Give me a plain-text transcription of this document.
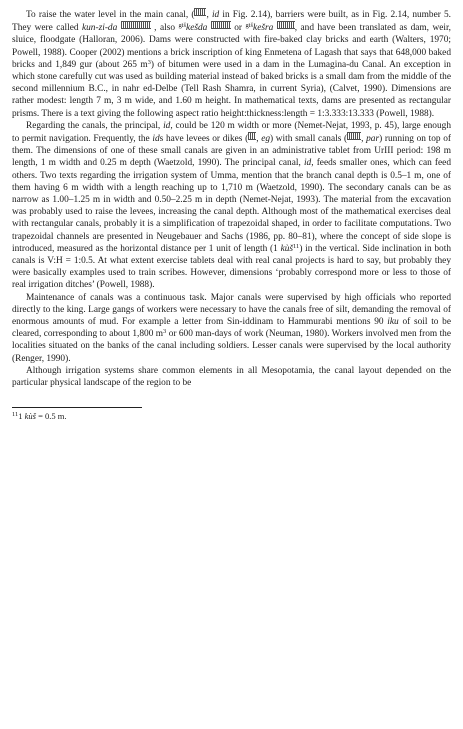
To raise the water level in the main canal, ( , id in Fig. 2.14), barriers were built, as in Fig. 2.14, number 5. They were called kun-zi-da	, also $^{giš}$kešda	or $^{giš}$kešra , and have been translated as dam, weir, sluice, floodgate (Halloran, 2006). Dams were constructed with fire-baked clay bricks and earth (Walters, 1970; Powell, 1988). Cooper (2002) mentions a brick inscription of king Enmetena of Lagash that says that 648,000 baked bricks and 1,849 gur (about 265 $m^3$) of bitumen were used in a dam in the Lumagina-du Canal. An exception in which stone carefully cut was used as building material instead of baked bricks is a small dam from the middle of the second millennium B.C., in nahr ed-Delbe (Tell Rash Shamra, in current Syria), (Calvet, 1990). Dimensions are rather modest: length 7 m, 3 m wide, and 1.60 m height. In mathematical texts, dams are presented as rectangular prisms. There is a text giving the following aspect ratio height:thickness:length = 1:3.333:13.333 (Powell, 1988).

Regarding the canals, the principal, id, could be 120 m width or more (Nemet-Nejat, 1993, p. 45), large enough to permit navigation. Frequently, the ids have levees or dikes ( , eg) with small canals ( , par) running on top of them. The dimensions of one of these small canals are given in an administrative tablet from UrIII period: 198 m length, 1 m width and 0.25 m depth (Waetzold, 1990). The principal canal, id, feeds smaller ones, which can feed others. Two texts regarding the irrigation system of Umma, mention that the branch canal depth is 0.5–1 m, one of them having 6 m width with a length reaching up to 1,710 m (Waetzold, 1990). The secondary canals can be as narrow as 1.00–1.25 m in width and 0.50–2.25 m in depth (Nemet-Nejat, 1993). The material from the excavation was probably used to raise the levees, increasing the canal depth. Although most of the mathematical exercises deal with rectangular canals, probably it is a simplification of trapezoidal shaped, in order to facilitate computations. Two trapezoidal channels are presented in Neugebauer and Sachs (1986, pp. 80–81), where the concept of side slope is introduced, measured as the horizontal distance per 1 unit of length (1 kùš$^{11}$) in the vertical. Side inclination in both canals is V:H = 1:0.5. At what extent exercise tablets deal with real canal projects is hard to say, but probably they were basically examples used to train scribes. However, dimensions ‘probably correspond more or less to those of real irrigation ditches’ (Powell, 1988).

Maintenance of canals was a continuous task. Major canals were supervised by high officials who reported directly to the king. Large gangs of workers were necessary to have the canals free of silt, demanding the removal of enormous amounts of mud. For example a letter from Sin-iddinam to Hammurabi mentions 90 iku of soil to be cleared, corresponding to about 1,800 $m^3$ or 600 man-days of work (Neuman, 1980). Workers involved men from the localities situated on the banks of the canal including soldiers. Lesser canals were supervised by the local authority (Renger, 1990).

Although irrigation systems share common elements in all Mesopotamia, the canal layout depended on the particular physical landscape of the region to be

$^{11}$1 kùš = 0.5 m.
